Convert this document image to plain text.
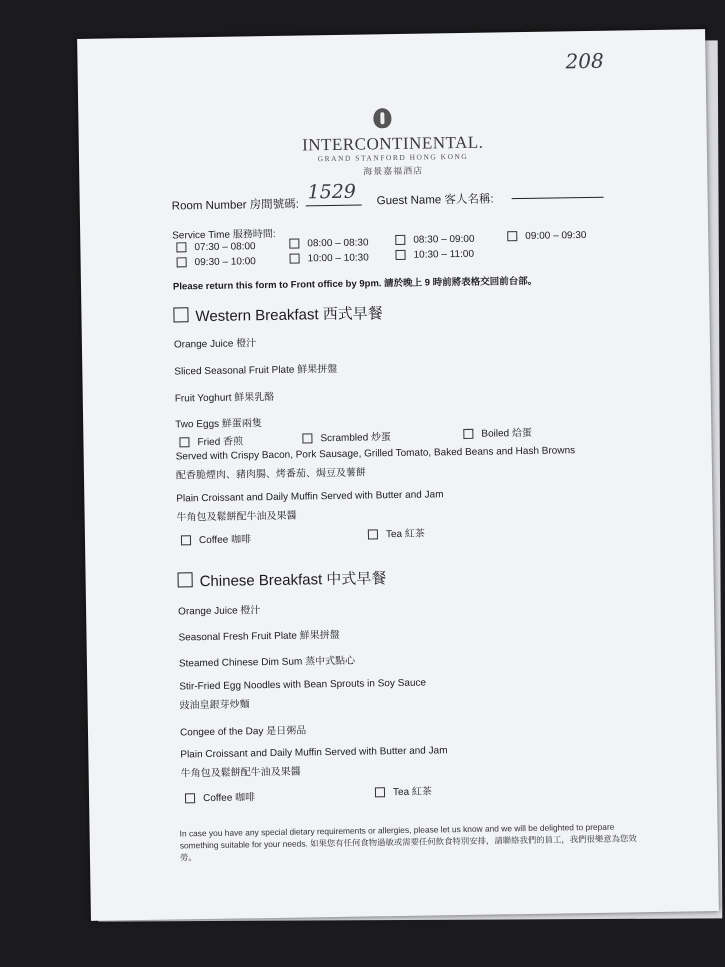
208
INTERCONTINENTAL.
GRAND STANFORD HONG KONG
海景嘉福酒店
Room Number 房間號碼:
1529 Guest Name 客人名稱:
Service Time 服務時間:
07:30 – 08:00	08:00 – 08:30	08:30 – 09:00	09:00 – 09:30
09:30 – 10:00	10:00 – 10:30	10:30 – 11:00
Please return this form to Front office by 9pm. 請於晚上 9 時前將表格交回前台部。
Western Breakfast 西式早餐
Orange Juice 橙汁
Sliced Seasonal Fruit Plate 鮮果拼盤
Fruit Yoghurt 鮮果乳酪
Two Eggs 鮮蛋兩隻
Fried 香煎	Scrambled 炒蛋	Boiled 烚蛋
Served with Crispy Bacon, Pork Sausage, Grilled Tomato, Baked Beans and Hash Browns
配香脆煙肉、豬肉腸、烤番茄、焗豆及薯餅
Plain Croissant and Daily Muffin Served with Butter and Jam
牛角包及鬆餅配牛油及果醬
Coffee 咖啡	Tea 紅茶
Chinese Breakfast 中式早餐
Orange Juice 橙汁
Seasonal Fresh Fruit Plate 鮮果拼盤
Steamed Chinese Dim Sum 蒸中式點心
Stir-Fried Egg Noodles with Bean Sprouts in Soy Sauce
豉油皇銀芽炒麵
Congee of the Day 是日粥品
Plain Croissant and Daily Muffin Served with Butter and Jam
牛角包及鬆餅配牛油及果醬
Coffee 咖啡	Tea 紅茶
In case you have any special dietary requirements or allergies, please let us know and we will be delighted to prepare something suitable for your needs. 如果您有任何食物過敏或需要任何飲食特別安排，請聯絡我們的員工，我們很樂意為您效勞。
